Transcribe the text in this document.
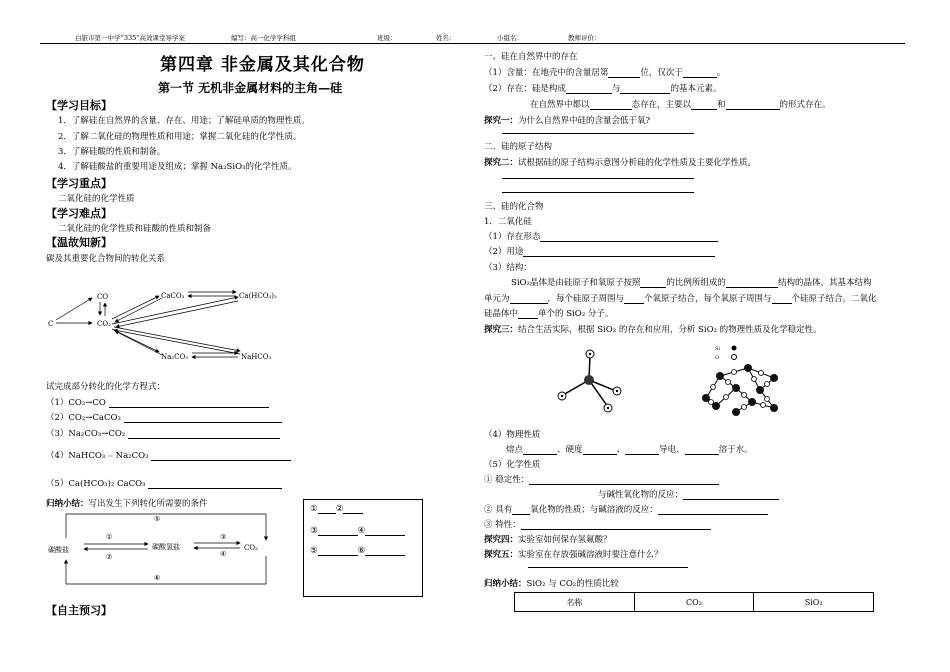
白银市第一中学“335”高效课堂导学案	编写：高一化学学科组	班级：	姓名：	小组名：	教师评价：
第四章 非金属及其化合物
第一节 无机非金属材料的主角—硅
【学习目标】
1．了解硅在自然界的含量、存在、用途；了解硅单质的物理性质。
2．了解二氧化硅的物理性质和用途；掌握二氧化硅的化学性质。
3．了解硅酸的性质和制备。
4．了解硅酸盐的重要用途及组成；掌握 Na₂SiO₃的化学性质。
【学习重点】
二氧化硅的化学性质
【学习难点】
二氧化硅的化学性质和硅酸的性质和制备
【温故知新】
碳及其重要化合物间的转化关系
C
CO
CO₂
CaCO₃	Ca(HCO₃)₂
Na₂CO₃	NaHCO₃
试完成部分转化的化学方程式：
（1）CO₂→CO
（2）CO₂→CaCO₃
（3）Na₂CO₃→CO₂
（4）NaHCO₃ ⇌ Na₂CO₃
（5）Ca(HCO₃)₂ CaCO₃
归纳小结：写出发生下列转化所需要的条件
碳酸盐	碳酸氢盐	CO₂
⑤
①
②
③
④
⑥
① ②
③	④
⑤	⑥
【自主预习】
一、硅在自然界中的存在
（1）含量：在地壳中的含量居第	位，仅次于	。
（2）存在：硅是构成	与	的基本元素。
在自然界中都以	态存在，主要以	和	的形式存在。
探究一：为什么自然界中硅的含量会低于氧?
二、硅的原子结构
探究二：试根据硅的原子结构示意图分析硅的化学性质及主要化学性质。
三、硅的化合物
1．二氧化硅
（1）存在形态
（2）用途
（3）结构：
SiO₂晶体是由硅原子和氧原子按照	的比例所组成的	结构的晶体，其基本结构
单元为	，每个硅原子周围与 个氧原子结合，每个氧原子周围与 个硅原子结合。二氧化
硅晶体中 单个的 SiO₂ 分子。
探究三：结合生活实际，根据 SiO₂ 的存在和应用，分析 SiO₂ 的物理性质及化学稳定性。
Si
O
（4）物理性质
熔点	、硬度	、	导电、	溶于水。
（5）化学性质
① 稳定性：
与碱性氧化物的反应：
② 具有 氧化物的性质；与碱溶液的反应：
③ 特性：
探究四：实验室如何保存氢氟酸？
探究五：实验室在存放强碱溶液时要注意什么？
归纳小结：SiO₂ 与 CO₂的性质比较
名称	CO₂	SiO₂
